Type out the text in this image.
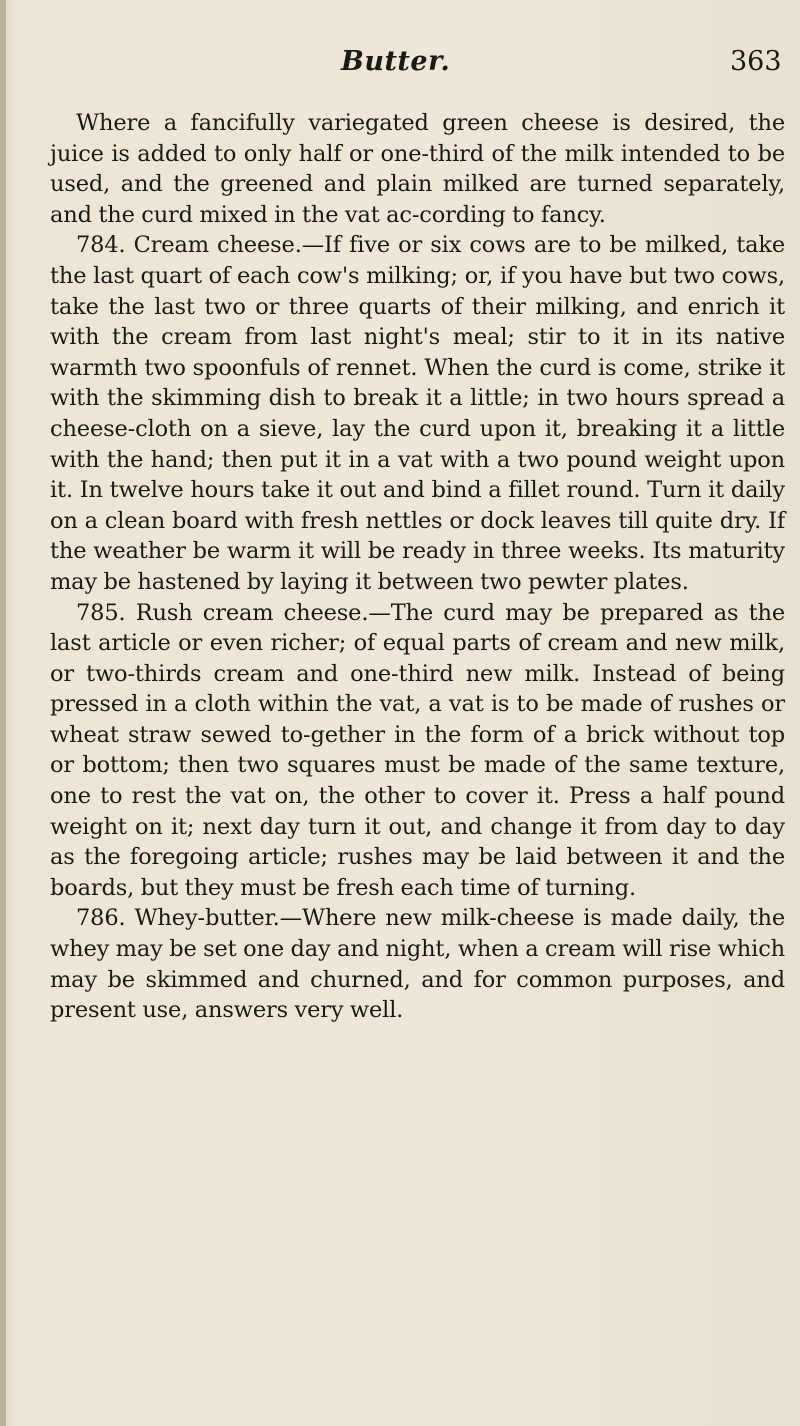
Butter.	363

Where a fancifully variegated green cheese is desired, the juice is added to only half or one-third of the milk intended to be used, and the greened and plain milked are turned separately, and the curd mixed in the vat ac-cording to fancy.

784. Cream cheese.—If five or six cows are to be milked, take the last quart of each cow's milking; or, if you have but two cows, take the last two or three quarts of their milking, and enrich it with the cream from last night's meal; stir to it in its native warmth two spoonfuls of rennet. When the curd is come, strike it with the skimming dish to break it a little; in two hours spread a cheese-cloth on a sieve, lay the curd upon it, breaking it a little with the hand; then put it in a vat with a two pound weight upon it. In twelve hours take it out and bind a fillet round. Turn it daily on a clean board with fresh nettles or dock leaves till quite dry. If the weather be warm it will be ready in three weeks. Its maturity may be hastened by laying it between two pewter plates.

785. Rush cream cheese.—The curd may be prepared as the last article or even richer; of equal parts of cream and new milk, or two-thirds cream and one-third new milk. Instead of being pressed in a cloth within the vat, a vat is to be made of rushes or wheat straw sewed to-gether in the form of a brick without top or bottom; then two squares must be made of the same texture, one to rest the vat on, the other to cover it. Press a half pound weight on it; next day turn it out, and change it from day to day as the foregoing article; rushes may be laid between it and the boards, but they must be fresh each time of turning.

786. Whey-butter.—Where new milk-cheese is made daily, the whey may be set one day and night, when a cream will rise which may be skimmed and churned, and for common purposes, and present use, answers very well.
